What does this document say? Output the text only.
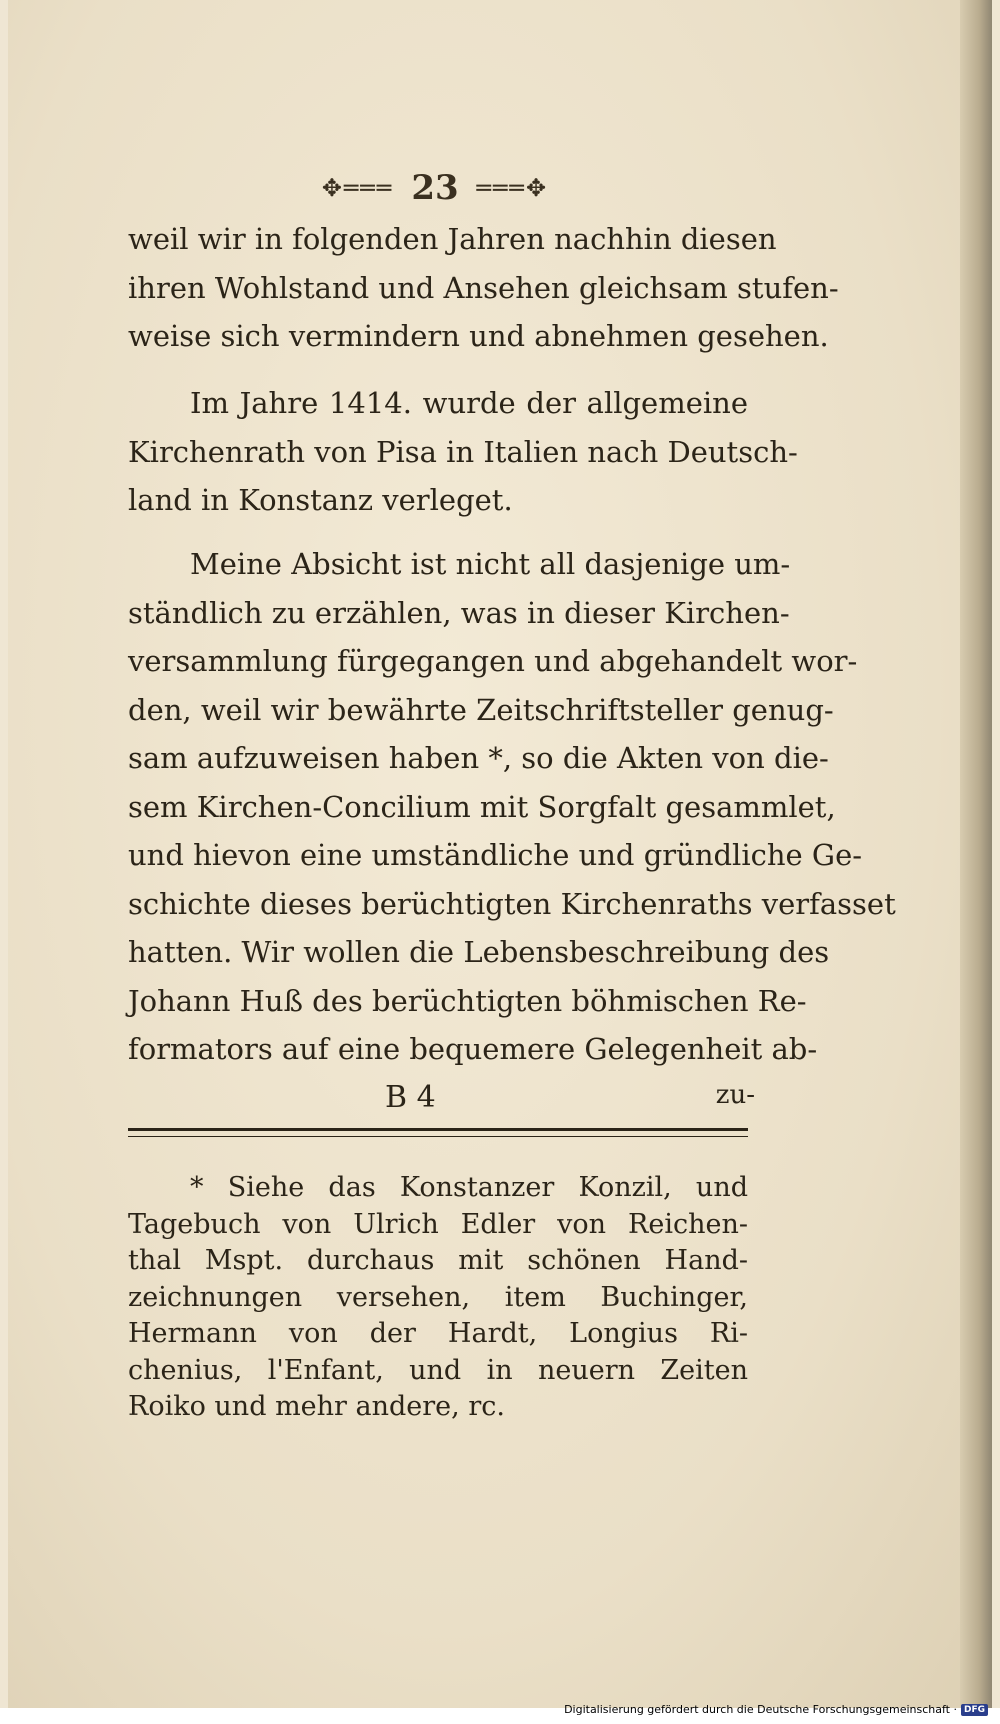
✥═══ 23 ═══✥
weil wir in folgenden Jahren nachhin diesen
ihren Wohlstand und Ansehen gleichsam stufen-
weise sich vermindern und abnehmen gesehen.
Im Jahre 1414. wurde der allgemeine
Kirchenrath von Pisa in Italien nach Deutsch-
land in Konstanz verleget.
Meine Absicht ist nicht all dasjenige um-
ständlich zu erzählen, was in dieser Kirchen-
versammlung fürgegangen und abgehandelt wor-
den, weil wir bewährte Zeitschriftsteller genug-
sam aufzuweisen haben *, so die Akten von die-
sem Kirchen-Concilium mit Sorgfalt gesammlet,
und hievon eine umständliche und gründliche Ge-
schichte dieses berüchtigten Kirchenraths verfasset
hatten. Wir wollen die Lebensbeschreibung des
Johann Huß des berüchtigten böhmischen Re-
formators auf eine bequemere Gelegenheit ab-
B 4	zu-
* Siehe das Konstanzer Konzil, und
Tagebuch von Ulrich Edler von Reichen-
thal Mspt. durchaus mit schönen Hand-
zeichnungen versehen, item Buchinger,
Hermann von der Hardt, Longius Ri-
chenius, l'Enfant, und in neuern Zeiten
Roiko und mehr andere, rc.
Digitalisierung gefördert durch die Deutsche Forschungsgemeinschaft · DFG
